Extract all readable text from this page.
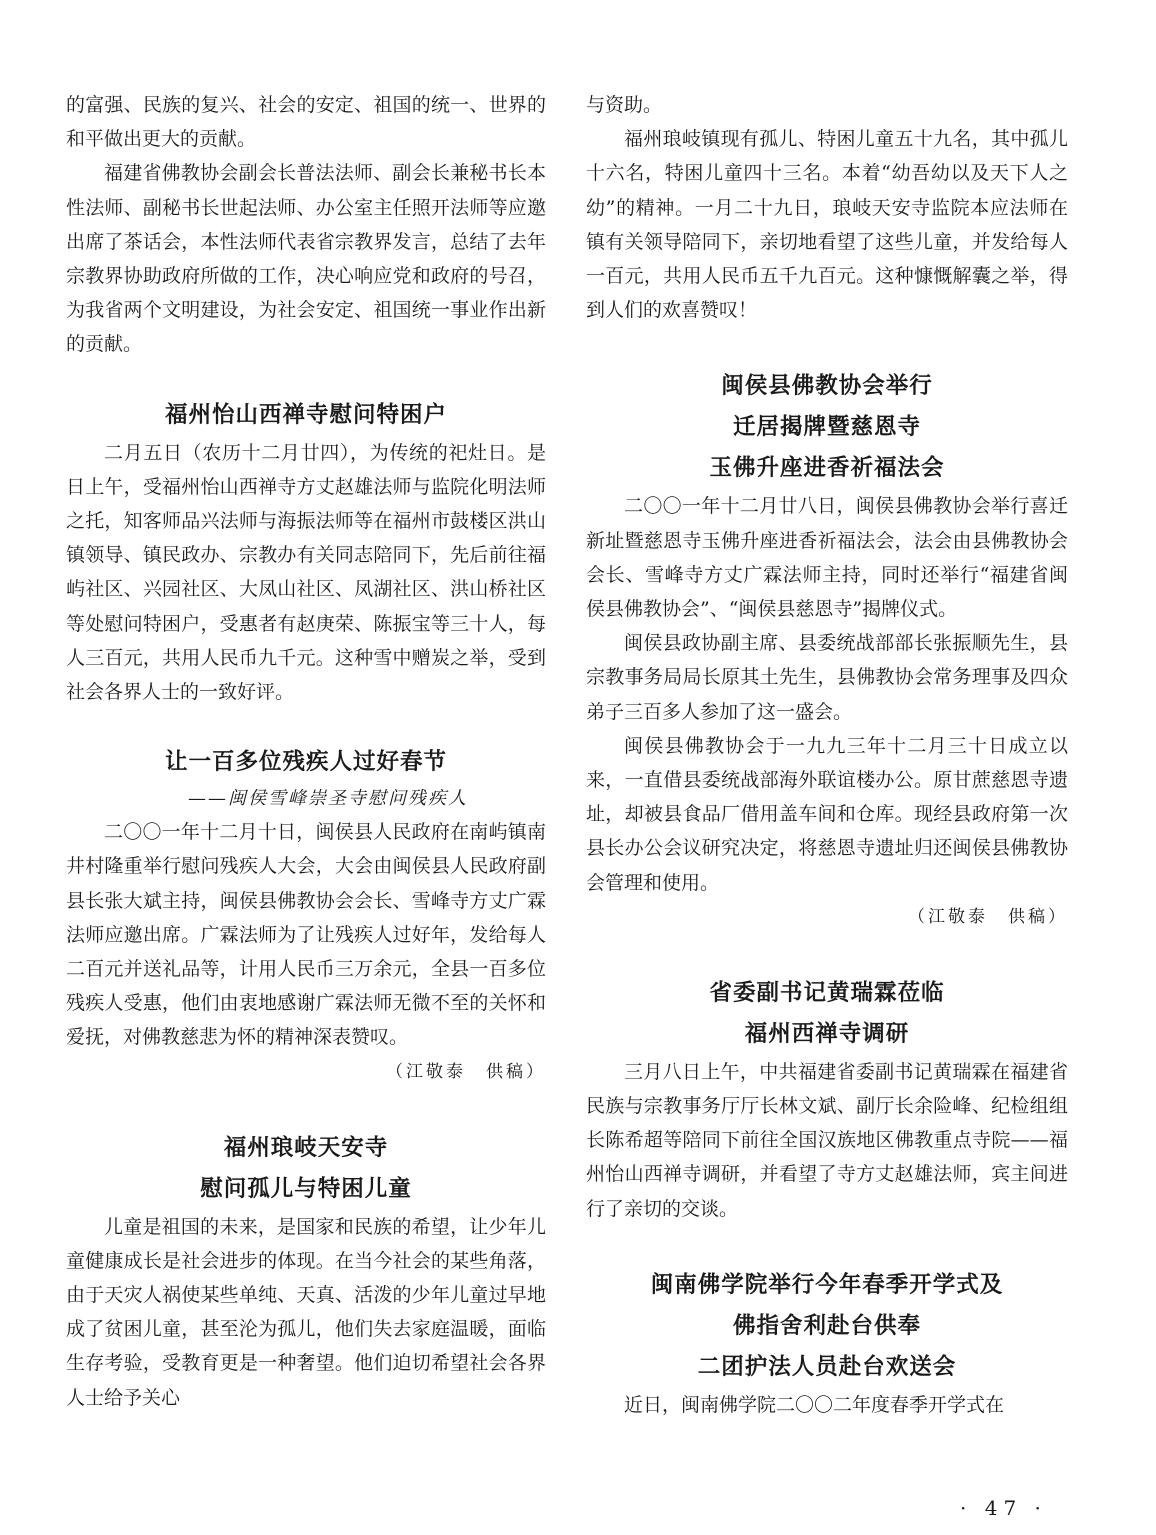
的富强、民族的复兴、社会的安定、祖国的统一、世界的和平做出更大的贡献。

福建省佛教协会副会长普法法师、副会长兼秘书长本性法师、副秘书长世起法师、办公室主任照开法师等应邀出席了茶话会，本性法师代表省宗教界发言，总结了去年宗教界协助政府所做的工作，决心响应党和政府的号召，为我省两个文明建设，为社会安定、祖国统一事业作出新的贡献。

福州怡山西禅寺慰问特困户

二月五日（农历十二月廿四），为传统的祀灶日。是日上午，受福州怡山西禅寺方丈赵雄法师与监院化明法师之托，知客师品兴法师与海振法师等在福州市鼓楼区洪山镇领导、镇民政办、宗教办有关同志陪同下，先后前往福屿社区、兴园社区、大凤山社区、凤湖社区、洪山桥社区等处慰问特困户，受惠者有赵庚荣、陈振宝等三十人，每人三百元，共用人民币九千元。这种雪中赠炭之举，受到社会各界人士的一致好评。

让一百多位残疾人过好春节
——闽侯雪峰崇圣寺慰问残疾人

二〇〇一年十二月十日，闽侯县人民政府在南屿镇南井村隆重举行慰问残疾人大会，大会由闽侯县人民政府副县长张大斌主持，闽侯县佛教协会会长、雪峰寺方丈广霖法师应邀出席。广霖法师为了让残疾人过好年，发给每人二百元并送礼品等，计用人民币三万余元，全县一百多位残疾人受惠，他们由衷地感谢广霖法师无微不至的关怀和爱抚，对佛教慈悲为怀的精神深表赞叹。

（江敬泰　供稿）
福州琅岐天安寺
慰问孤儿与特困儿童

儿童是祖国的未来，是国家和民族的希望，让少年儿童健康成长是社会进步的体现。在当今社会的某些角落，由于天灾人祸使某些单纯、天真、活泼的少年儿童过早地成了贫困儿童，甚至沦为孤儿，他们失去家庭温暖，面临生存考验，受教育更是一种奢望。他们迫切希望社会各界人士给予关心

与资助。

福州琅岐镇现有孤儿、特困儿童五十九名，其中孤儿十六名，特困儿童四十三名。本着“幼吾幼以及天下人之幼”的精神。一月二十九日，琅岐天安寺监院本应法师在镇有关领导陪同下，亲切地看望了这些儿童，并发给每人一百元，共用人民币五千九百元。这种慷慨解囊之举，得到人们的欢喜赞叹！

闽侯县佛教协会举行
迁居揭牌暨慈恩寺
玉佛升座进香祈福法会

二〇〇一年十二月廿八日，闽侯县佛教协会举行喜迁新址暨慈恩寺玉佛升座进香祈福法会，法会由县佛教协会会长、雪峰寺方丈广霖法师主持，同时还举行“福建省闽侯县佛教协会”、“闽侯县慈恩寺”揭牌仪式。

闽侯县政协副主席、县委统战部部长张振顺先生，县宗教事务局局长原其土先生，县佛教协会常务理事及四众弟子三百多人参加了这一盛会。

闽侯县佛教协会于一九九三年十二月三十日成立以来，一直借县委统战部海外联谊楼办公。原甘蔗慈恩寺遗址，却被县食品厂借用盖车间和仓库。现经县政府第一次县长办公会议研究决定，将慈恩寺遗址归还闽侯县佛教协会管理和使用。

（江敬泰　供稿）
省委副书记黄瑞霖莅临
福州西禅寺调研

三月八日上午，中共福建省委副书记黄瑞霖在福建省民族与宗教事务厅厅长林文斌、副厅长余险峰、纪检组组长陈希超等陪同下前往全国汉族地区佛教重点寺院——福州怡山西禅寺调研，并看望了寺方丈赵雄法师，宾主间进行了亲切的交谈。

闽南佛学院举行今年春季开学式及
佛指舍利赴台供奉
二团护法人员赴台欢送会

近日，闽南佛学院二〇〇二年度春季开学式在

· 47 ·
